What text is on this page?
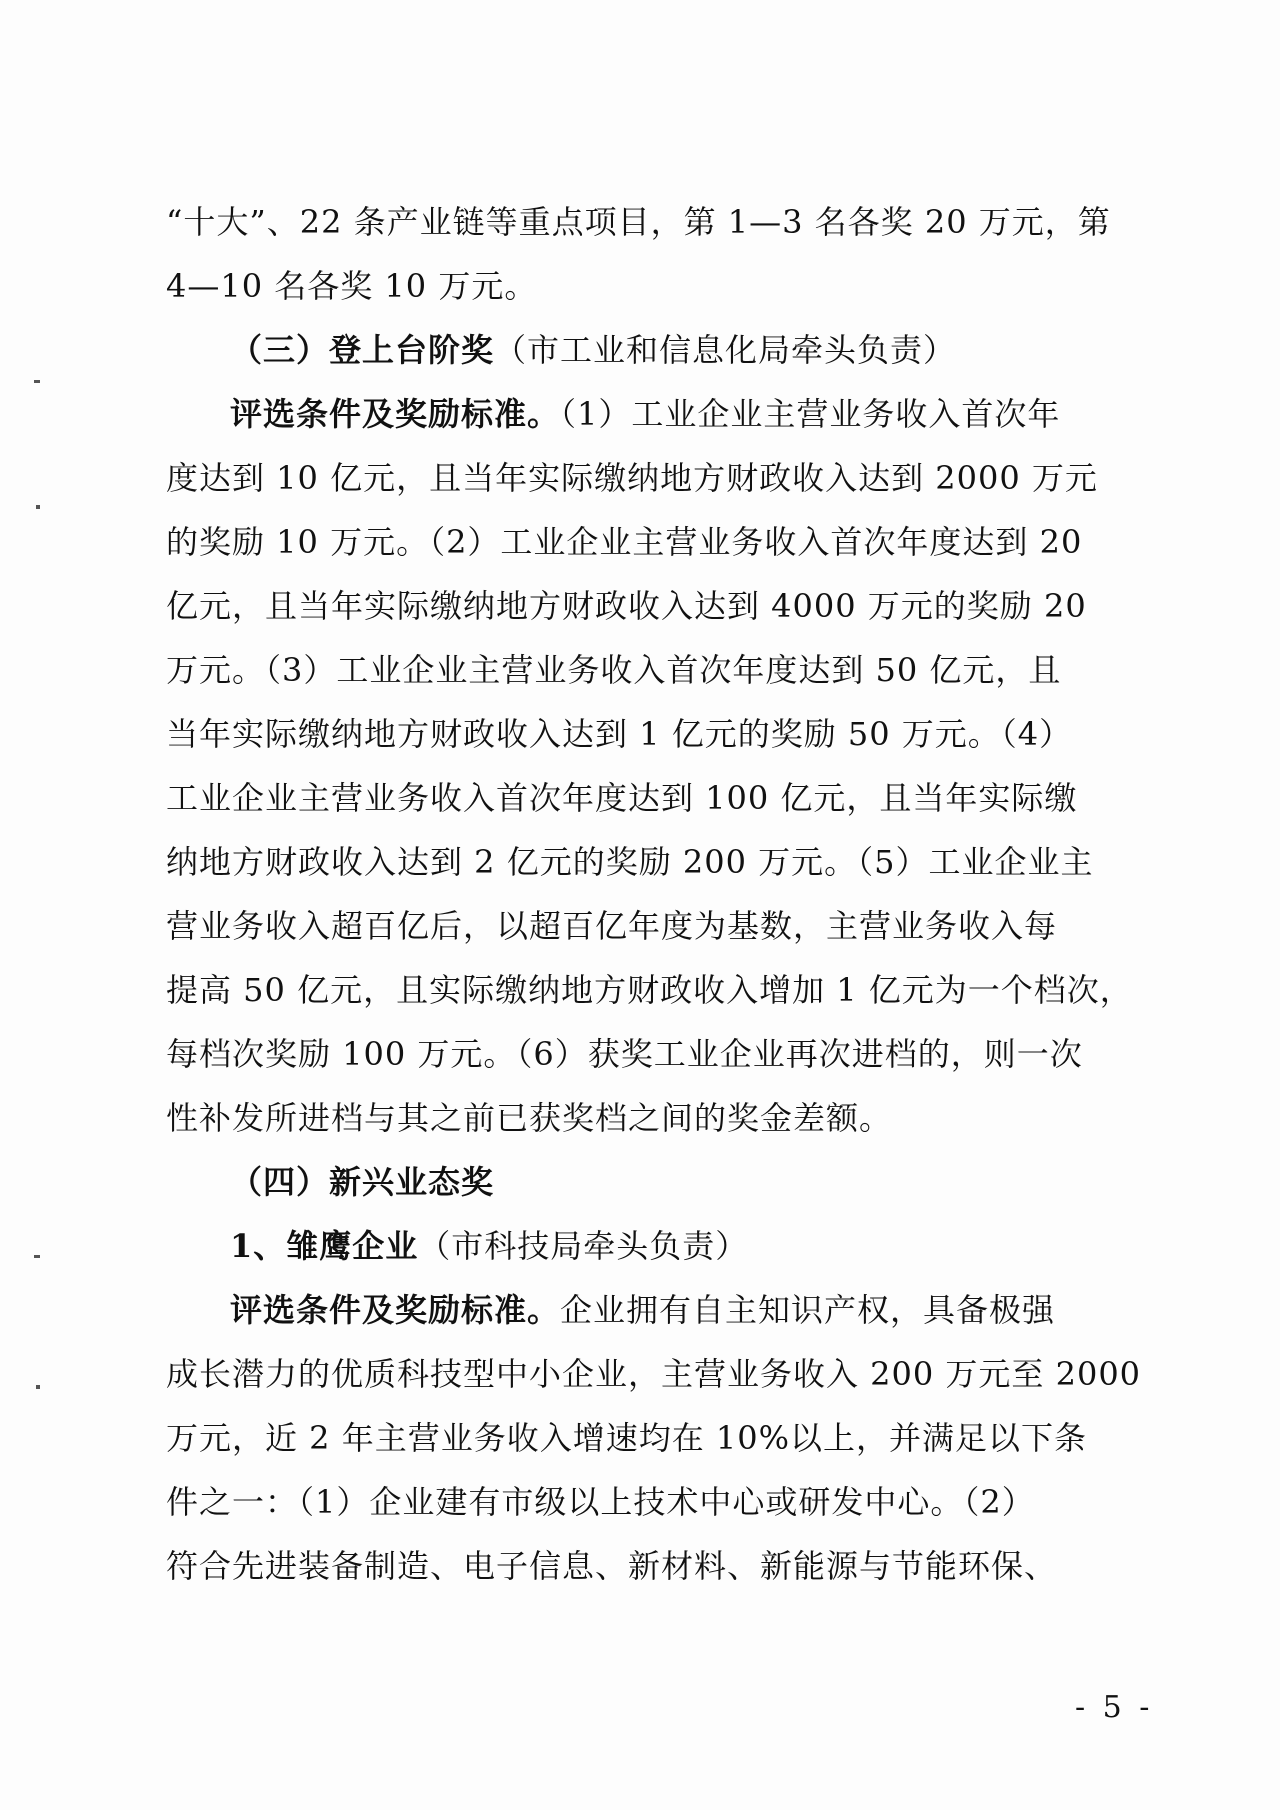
“十大”、22 条产业链等重点项目，第 1—3 名各奖 20 万元，第
4—10 名各奖 10 万元。
（三）登上台阶奖（市工业和信息化局牵头负责）
评选条件及奖励标准。（1）工业企业主营业务收入首次年
度达到 10 亿元，且当年实际缴纳地方财政收入达到 2000 万元
的奖励 10 万元。（2）工业企业主营业务收入首次年度达到 20
亿元，且当年实际缴纳地方财政收入达到 4000 万元的奖励 20
万元。（3）工业企业主营业务收入首次年度达到 50 亿元，且
当年实际缴纳地方财政收入达到 1 亿元的奖励 50 万元。（4）
工业企业主营业务收入首次年度达到 100 亿元，且当年实际缴
纳地方财政收入达到 2 亿元的奖励 200 万元。（5）工业企业主
营业务收入超百亿后，以超百亿年度为基数，主营业务收入每
提高 50 亿元，且实际缴纳地方财政收入增加 1 亿元为一个档次，
每档次奖励 100 万元。（6）获奖工业企业再次进档的，则一次
性补发所进档与其之前已获奖档之间的奖金差额。
（四）新兴业态奖
1、雏鹰企业（市科技局牵头负责）
评选条件及奖励标准。企业拥有自主知识产权，具备极强
成长潜力的优质科技型中小企业，主营业务收入 200 万元至 2000
万元，近 2 年主营业务收入增速均在 10%以上，并满足以下条
件之一：（1）企业建有市级以上技术中心或研发中心。（2）
符合先进装备制造、电子信息、新材料、新能源与节能环保、
- 5 -
